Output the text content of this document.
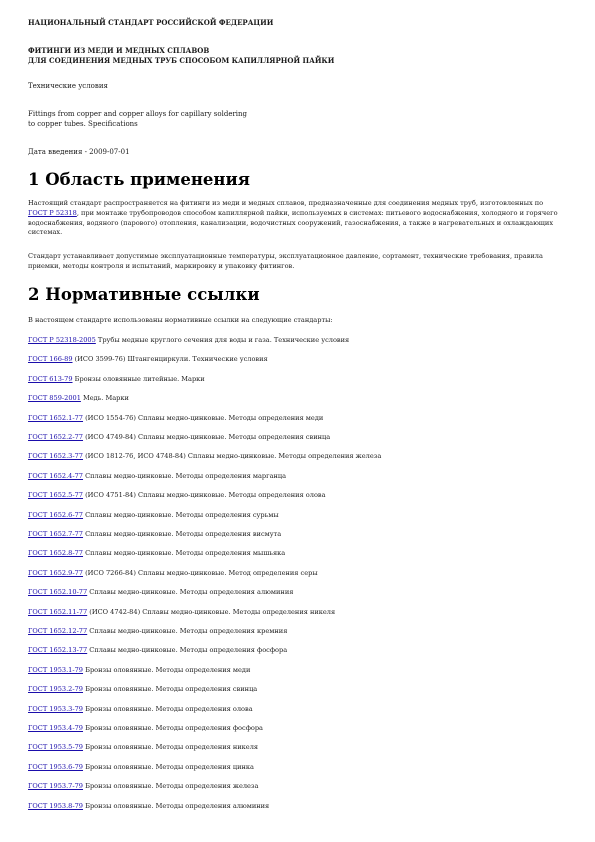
НАЦИОНАЛЬНЫЙ СТАНДАРТ РОССИЙСКОЙ ФЕДЕРАЦИИ
ФИТИНГИ ИЗ МЕДИ И МЕДНЫХ СПЛАВОВ
ДЛЯ СОЕДИНЕНИЯ МЕДНЫХ ТРУБ СПОСОБОМ КАПИЛЛЯРНОЙ ПАЙКИ
Технические условия
Fittings from copper and copper alloys for capillary soldering
to copper tubes. Specifications
Дата введения - 2009-07-01
1 Область применения
Настоящий стандарт распространяется на фитинги из меди и медных сплавов, предназначенные для соединения медных труб, изготовленных по ГОСТ Р 52318, при монтаже трубопроводов способом капиллярной пайки, используемых в системах: питьевого водоснабжения, холодного и горячего водоснабжения, водяного (парового) отопления, канализации, водочистных сооружений, газоснабжения, а также в нагревательных и охлаждающих системах.
Стандарт устанавливает допустимые эксплуатационные температуры, эксплуатационное давление, сортамент, технические требования, правила приемки, методы контроля и испытаний, маркировку и упаковку фитингов.
2 Нормативные ссылки
В настоящем стандарте использованы нормативные ссылки на следующие стандарты:
ГОСТ Р 52318-2005 Трубы медные круглого сечения для воды и газа. Технические условия
ГОСТ 166-89 (ИСО 3599-76) Штангенциркули. Технические условия
ГОСТ 613-79 Бронзы оловянные литейные. Марки
ГОСТ 859-2001 Медь. Марки
ГОСТ 1652.1-77 (ИСО 1554-76) Сплавы медно-цинковые. Методы определения меди
ГОСТ 1652.2-77 (ИСО 4749-84) Сплавы медно-цинковые. Методы определения свинца
ГОСТ 1652.3-77 (ИСО 1812-76, ИСО 4748-84) Сплавы медно-цинковые. Методы определения железа
ГОСТ 1652.4-77 Сплавы медно-цинковые. Методы определения марганца
ГОСТ 1652.5-77 (ИСО 4751-84) Сплавы медно-цинковые. Методы определения олова
ГОСТ 1652.6-77 Сплавы медно-цинковые. Методы определения сурьмы
ГОСТ 1652.7-77 Сплавы медно-цинковые. Методы определения висмута
ГОСТ 1652.8-77 Сплавы медно-цинковые. Методы определения мышьяка
ГОСТ 1652.9-77 (ИСО 7266-84) Сплавы медно-цинковые. Метод определения серы
ГОСТ 1652.10-77 Сплавы медно-цинковые. Методы определения алюминия
ГОСТ 1652.11-77 (ИСО 4742-84) Сплавы медно-цинковые. Методы определения никеля
ГОСТ 1652.12-77 Сплавы медно-цинковые. Методы определения кремния
ГОСТ 1652.13-77 Сплавы медно-цинковые. Методы определения фосфора
ГОСТ 1953.1-79 Бронзы оловянные. Методы определения меди
ГОСТ 1953.2-79 Бронзы оловянные. Методы определения свинца
ГОСТ 1953.3-79 Бронзы оловянные. Методы определения олова
ГОСТ 1953.4-79 Бронзы оловянные. Методы определения фосфора
ГОСТ 1953.5-79 Бронзы оловянные. Методы определения никеля
ГОСТ 1953.6-79 Бронзы оловянные. Методы определения цинка
ГОСТ 1953.7-79 Бронзы оловянные. Методы определения железа
ГОСТ 1953.8-79 Бронзы оловянные. Методы определения алюминия
